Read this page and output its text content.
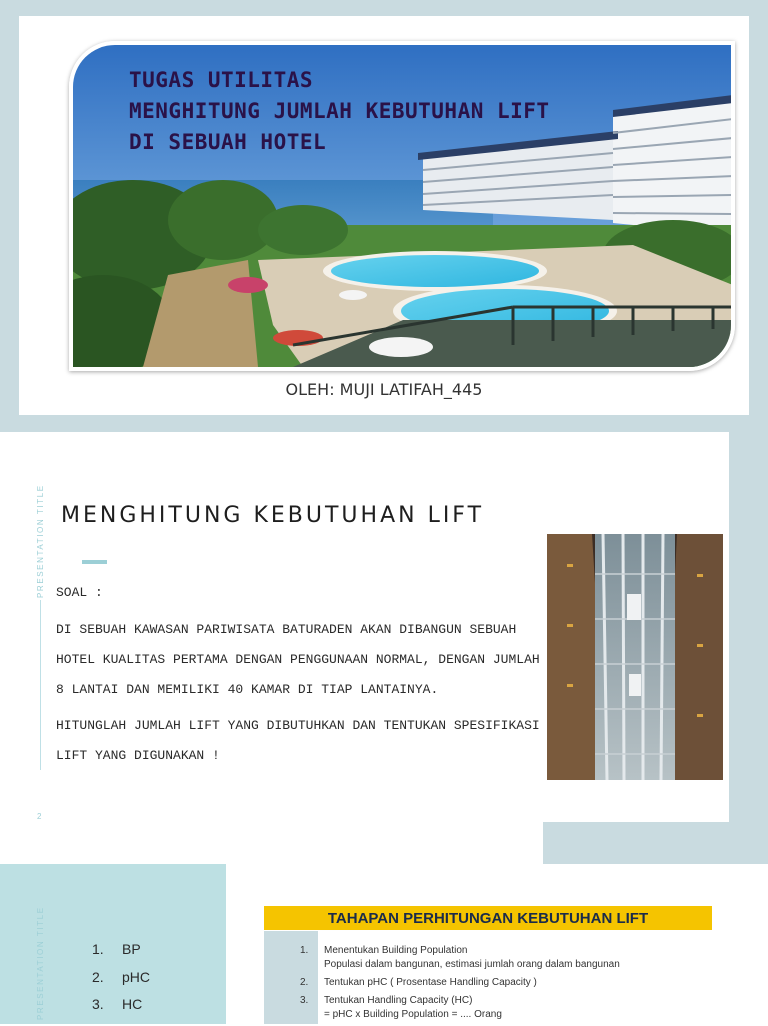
TUGAS UTILITAS
MENGHITUNG JUMLAH KEBUTUHAN LIFT
DI SEBUAH HOTEL
OLEH: MUJI LATIFAH_445
PRESENTATION TITLE MENGHITUNG KEBUTUHAN LIFT

SOAL :

DI SEBUAH KAWASAN PARIWISATA BATURADEN AKAN DIBANGUN SEBUAH HOTEL KUALITAS PERTAMA DENGAN PENGGUNAAN NORMAL, DENGAN JUMLAH 8 LANTAI DAN MEMILIKI 40 KAMAR DI TIAP LANTAINYA.

HITUNGLAH JUMLAH LIFT YANG DIBUTUHKAN DAN TENTUKAN SPESIFIKASI LIFT YANG DIGUNAKAN !

2
PRESENTATION TITLE	1. BP
2. pHC
3. HC
TAHAPAN PERHITUNGAN KEBUTUHAN LIFT
1. Menentukan Building Population
Populasi dalam bangunan, estimasi jumlah orang dalam bangunan
2. Tentukan pHC ( Prosentase Handling Capacity )
3. Tentukan Handling Capacity (HC)
= pHC x Building Population = .... Orang
